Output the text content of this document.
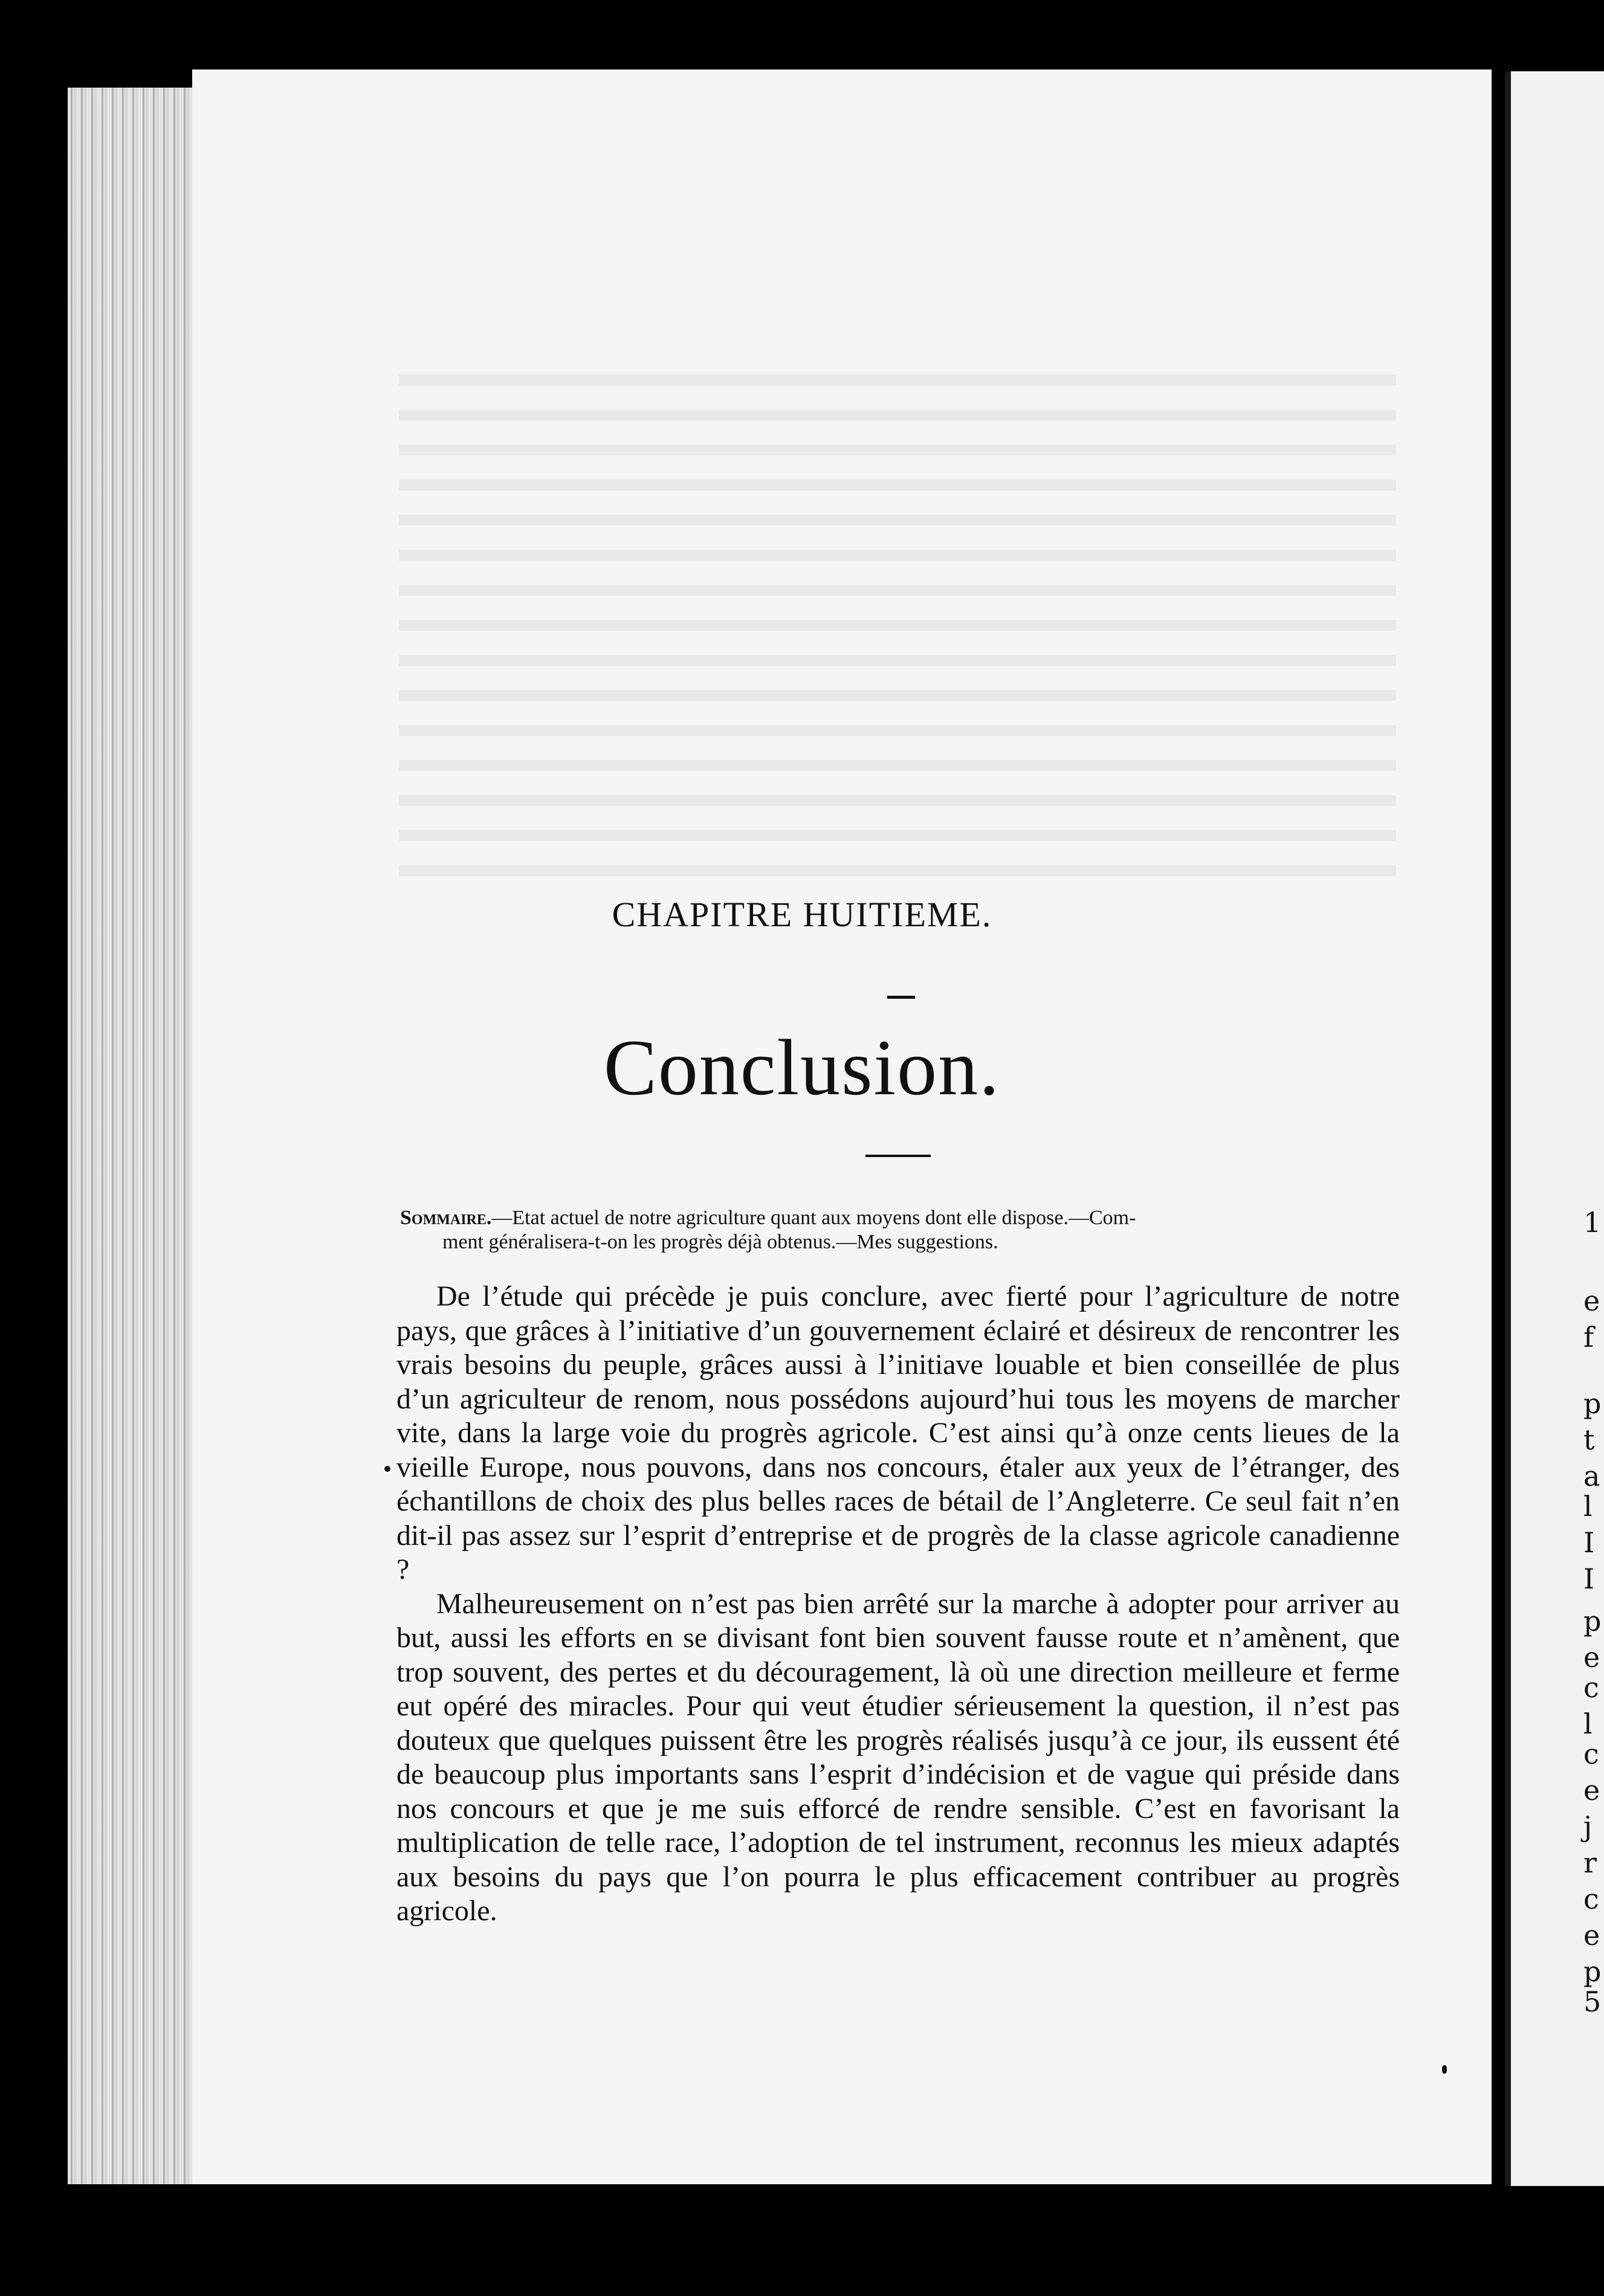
1
e
f
p
t
a
l
I
I
p
e
c
l
c
e
j
r
c
e
p
5
CHAPITRE HUITIEME.
Conclusion.
Sommaire.—Etat actuel de notre agriculture quant aux moyens dont elle dispose.—Com-
ment généralisera-t-on les progrès déjà obtenus.—Mes suggestions.

De l’étude qui précède je puis conclure, avec fierté pour l’agriculture de notre pays, que grâces à l’initiative d’un gouvernement éclairé et désireux de rencontrer les vrais besoins du peuple, grâces aussi à l’initiave louable et bien conseillée de plus d’un agriculteur de renom, nous possédons aujourd’hui tous les moyens de marcher vite, dans la large voie du progrès agricole. C’est ainsi qu’à onze cents lieues de la vieille Europe, nous pouvons, dans nos concours, étaler aux yeux de l’étranger, des échantillons de choix des plus belles races de bétail de l’Angleterre. Ce seul fait n’en dit-il pas assez sur l’esprit d’entreprise et de progrès de la classe agricole canadienne ?

Malheureusement on n’est pas bien arrêté sur la marche à adopter pour arriver au but, aussi les efforts en se divisant font bien souvent fausse route et n’amènent, que trop souvent, des pertes et du découragement, là où une direction meilleure et ferme eut opéré des miracles. Pour qui veut étudier sérieusement la question, il n’est pas douteux que quelques puissent être les progrès réalisés jusqu’à ce jour, ils eussent été de beaucoup plus importants sans l’esprit d’indécision et de vague qui préside dans nos concours et que je me suis efforcé de rendre sensible. C’est en favorisant la multiplication de telle race, l’adoption de tel instrument, reconnus les mieux adaptés aux besoins du pays que l’on pourra le plus efficacement contribuer au progrès agricole.
